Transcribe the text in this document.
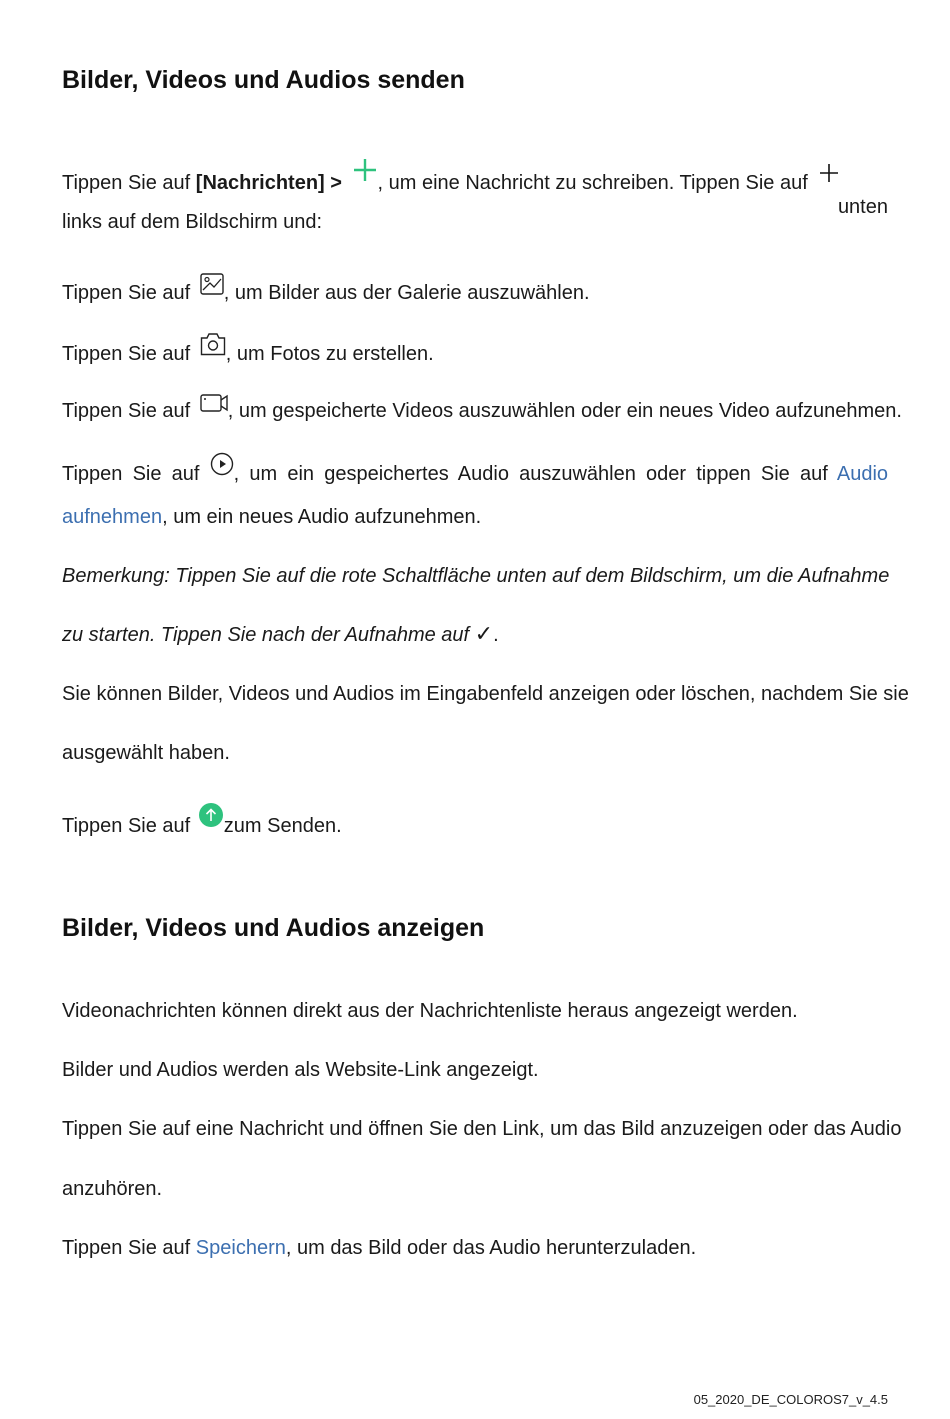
Bilder, Videos und Audios senden
Tippen Sie auf [Nachrichten] > , um eine Nachricht zu schreiben. Tippen Sie auf
unten
links auf dem Bildschirm und:
Tippen Sie auf , um Bilder aus der Galerie auszuwählen.
Tippen Sie auf , um Fotos zu erstellen.
Tippen Sie auf , um gespeicherte Videos auszuwählen oder ein neues Video aufzunehmen.
Tippen Sie auf , um ein gespeichertes Audio auszuwählen oder tippen Sie auf Audio
aufnehmen, um ein neues Audio aufzunehmen.
Bemerkung: Tippen Sie auf die rote Schaltfläche unten auf dem Bildschirm, um die Aufnahme
zu starten. Tippen Sie nach der Aufnahme auf ✓.
Sie können Bilder, Videos und Audios im Eingabenfeld anzeigen oder löschen, nachdem Sie sie
ausgewählt haben.
Tippen Sie auf zum Senden.
Bilder, Videos und Audios anzeigen
Videonachrichten können direkt aus der Nachrichtenliste heraus angezeigt werden.
Bilder und Audios werden als Website-Link angezeigt.
Tippen Sie auf eine Nachricht und öffnen Sie den Link, um das Bild anzuzeigen oder das Audio
anzuhören.
Tippen Sie auf Speichern, um das Bild oder das Audio herunterzuladen.
05_2020_DE_COLOROS7_v_4.5
